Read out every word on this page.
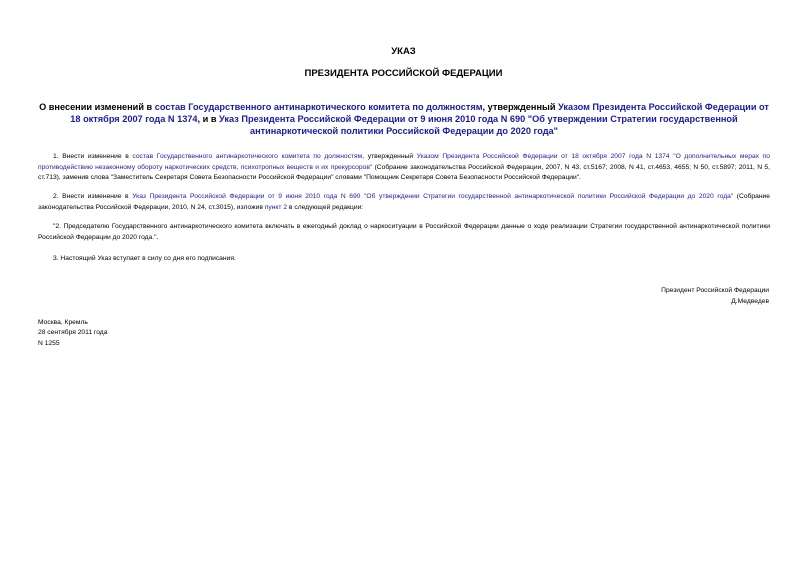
УКАЗ
ПРЕЗИДЕНТА РОССИЙСКОЙ ФЕДЕРАЦИИ
О внесении изменений в состав Государственного антинаркотического комитета по должностям, утвержденный Указом Президента Российской Федерации от 18 октября 2007 года N 1374, и в Указ Президента Российской Федерации от 9 июня 2010 года N 690 "Об утверждении Стратегии государственной антинаркотической политики Российской Федерации до 2020 года"
1. Внести изменение в состав Государственного антинаркотического комитета по должностям, утвержденный Указом Президента Российской Федерации от 18 октября 2007 года N 1374 "О дополнительных мерах по противодействию незаконному обороту наркотических средств, психотропных веществ и их прекурсоров" (Собрание законодательства Российской Федерации, 2007, N 43, ст.5167; 2008, N 41, ст.4653, 4655; N 50, ст.5897; 2011, N 5, ст.713), заменив слова "Заместитель Секретаря Совета Безопасности Российской Федерации" словами "Помощник Секретаря Совета Безопасности Российской Федерации".
2. Внести изменение в Указ Президента Российской Федерации от 9 июня 2010 года N 690 "Об утверждении Стратегии государственной антинаркотической политики Российской Федерации до 2020 года" (Собрание законодательства Российской Федерации, 2010, N 24, ст.3015), изложив пункт 2 в следующей редакции:
"2. Председателю Государственного антинаркотического комитета включать в ежегодный доклад о наркоситуации в Российской Федерации данные о ходе реализации Стратегии государственной антинаркотической политики Российской Федерации до 2020 года.".
3. Настоящий Указ вступает в силу со дня его подписания.
Президент Российской Федерации
Д.Медведев
Москва, Кремль
28 сентября 2011 года
N 1255
